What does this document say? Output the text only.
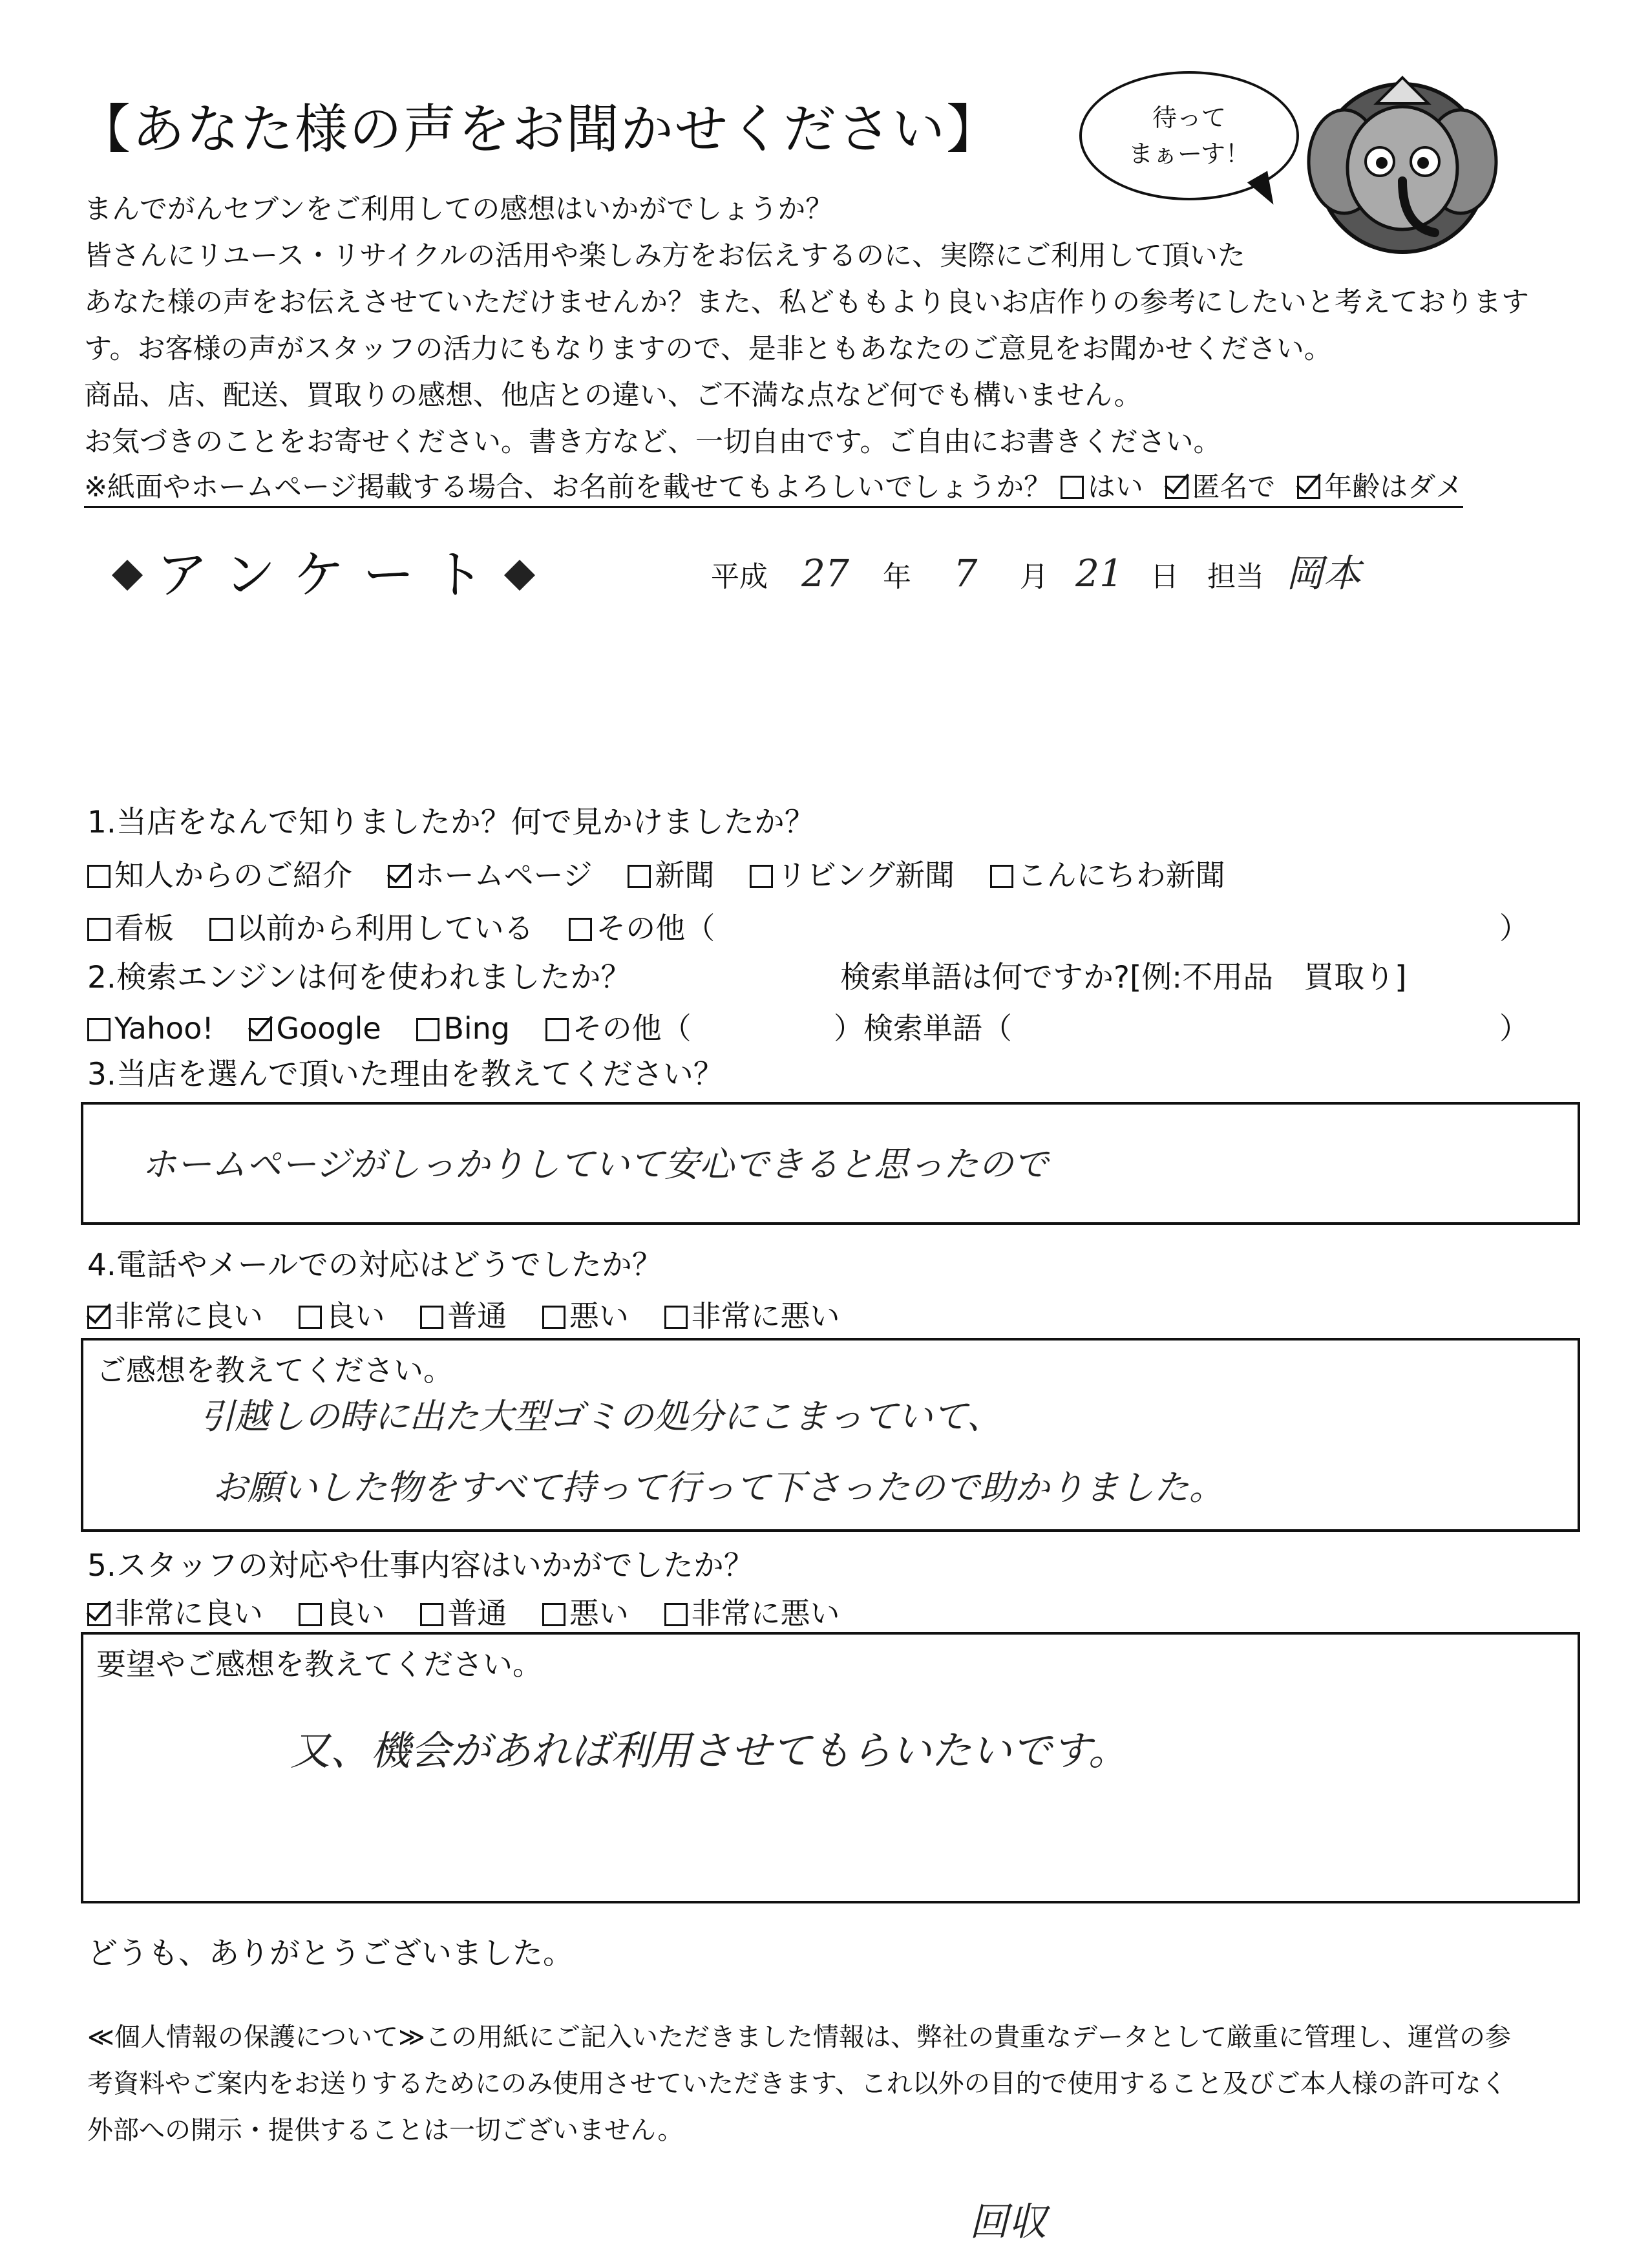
【あなた様の声をお聞かせください】	待って
まぁーす！
まんでがんセブンをご利用しての感想はいかがでしょうか？
皆さんにリユース・リサイクルの活用や楽しみ方をお伝えするのに、実際にご利用して頂いた
あなた様の声をお伝えさせていただけませんか？また、私どももより良いお店作りの参考にしたいと考えております
す。お客様の声がスタッフの活力にもなりますので、是非ともあなたのご意見をお聞かせください。
商品、店、配送、買取りの感想、他店との違い、ご不満な点など何でも構いません。
お気づきのことをお寄せください。書き方など、一切自由です。ご自由にお書きください。
※紙面やホームページ掲載する場合、お名前を載せてもよろしいでしょうか？ はい 匿名で 年齢はダメ
アンケート	平成 27 年 7 月 21 日 担当 岡本
1.当店をなんで知りましたか？何で見かけましたか？
知人からのご紹介 ホームページ 新聞 リビング新聞 こんにちわ新聞
看板 以前から利用している その他（	）
2.検索エンジンは何を使われましたか？	検索単語は何ですか?[例:不用品　買取り]
Yahoo! Google Bing その他（	）検索単語（	）
3.当店を選んで頂いた理由を教えてください？
ホームページがしっかりしていて安心できると思ったので
4.電話やメールでの対応はどうでしたか？
非常に良い 良い 普通 悪い 非常に悪い
ご感想を教えてください。
引越しの時に出た大型ゴミの処分にこまっていて、
お願いした物をすべて持って行って下さったので助かりました。
5.スタッフの対応や仕事内容はいかがでしたか？
非常に良い 良い 普通 悪い 非常に悪い
要望やご感想を教えてください。
又、機会があれば利用させてもらいたいです。
どうも、ありがとうございました。
≪個人情報の保護について≫この用紙にご記入いただきました情報は、弊社の貴重なデータとして厳重に管理し、運営の参
考資料やご案内をお送りするためにのみ使用させていただきます、これ以外の目的で使用すること及びご本人様の許可なく
外部への開示・提供することは一切ございません。
回収
